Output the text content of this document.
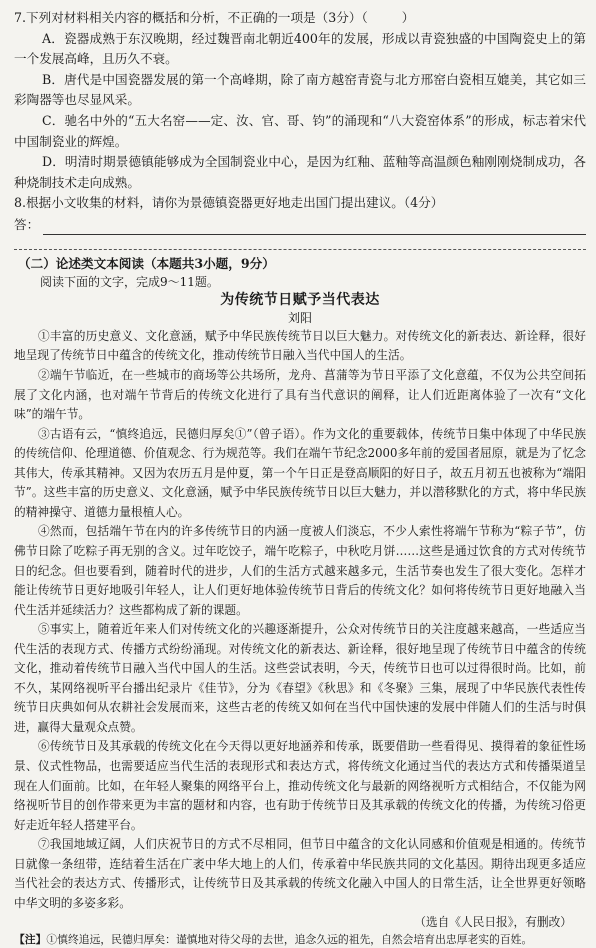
7.下列对材料相关内容的概括和分析，不正确的一项是（3分）（	）

A．瓷器成熟于东汉晚期，经过魏晋南北朝近400年的发展，形成以青瓷独盛的中国陶瓷史上的第一个发展高峰，且历久不衰。

B．唐代是中国瓷器发展的第一个高峰期，除了南方越窑青瓷与北方邢窑白瓷相互媲美，其它如三彩陶器等也尽显风采。

C．驰名中外的“五大名窑——定、汝、官、哥、钧”的涌现和“八大瓷窑体系”的形成，标志着宋代中国制瓷业的辉煌。

D．明清时期景德镇能够成为全国制瓷业中心，是因为红釉、蓝釉等高温颜色釉刚刚烧制成功，各种烧制技术走向成熟。

8.根据小文收集的材料，请你为景德镇瓷器更好地走出国门提出建议。（4分）

答：

（二）论述类文本阅读（本题共3小题，9分）

阅读下面的文字，完成9～11题。

为传统节日赋予当代表达

刘阳

①丰富的历史意义、文化意涵，赋予中华民族传统节日以巨大魅力。对传统文化的新表达、新诠释，很好地呈现了传统节日中蕴含的传统文化，推动传统节日融入当代中国人的生活。

②端午节临近，在一些城市的商场等公共场所，龙舟、菖蒲等为节日平添了文化意蕴，不仅为公共空间拓展了文化内涵，也对端午节背后的传统文化进行了具有当代意识的阐释，让人们近距离体验了一次有“文化味”的端午节。

③古语有云，“慎终追远，民德归厚矣①”（曾子语）。作为文化的重要载体，传统节日集中体现了中华民族的传统信仰、伦理道德、价值观念、行为规范等。我们在端午节纪念2000多年前的爱国者屈原，就是为了忆念其伟大，传承其精神。又因为农历五月是仲夏，第一个午日正是登高顺阳的好日子，故五月初五也被称为“端阳节”。这些丰富的历史意义、文化意涵，赋予中华民族传统节日以巨大魅力，并以潜移默化的方式，将中华民族的精神操守、道德力量根植人心。

④然而，包括端午节在内的许多传统节日的内涵一度被人们淡忘，不少人索性将端午节称为“粽子节”，仿佛节日除了吃粽子再无别的含义。过年吃饺子，端午吃粽子，中秋吃月饼……这些是通过饮食的方式对传统节日的纪念。但也要看到，随着时代的进步，人们的生活方式越来越多元，生活节奏也发生了很大变化。怎样才能让传统节日更好地吸引年轻人，让人们更好地体验传统节日背后的传统文化？如何将传统节日更好地融入当代生活并延续活力？这些都构成了新的课题。

⑤事实上，随着近年来人们对传统文化的兴趣逐渐提升，公众对传统节日的关注度越来越高，一些适应当代生活的表现方式、传播方式纷纷涌现。对传统文化的新表达、新诠释，很好地呈现了传统节日中蕴含的传统文化，推动着传统节日融入当代中国人的生活。这些尝试表明，今天，传统节日也可以过得很时尚。比如，前不久，某网络视听平台播出纪录片《佳节》，分为《春望》《秋思》和《冬聚》三集，展现了中华民族代表性传统节日庆典如何从农耕社会发展而来，这些古老的传统又如何在当代中国快速的发展中伴随人们的生活与时俱进，赢得大量观众点赞。

⑥传统节日及其承载的传统文化在今天得以更好地涵养和传承，既要借助一些看得见、摸得着的象征性场景、仪式性物品，也需要适应当代生活的表现形式和表达方式，将传统文化通过当代的表达方式和传播渠道呈现在人们面前。比如，在年轻人聚集的网络平台上，推动传统文化与最新的网络视听方式相结合，不仅能为网络视听节目的创作带来更为丰富的题材和内容，也有助于传统节日及其承载的传统文化的传播，为传统习俗更好走近年轻人搭建平台。

⑦我国地域辽阔，人们庆祝节日的方式不尽相同，但节日中蕴含的文化认同感和价值观是相通的。传统节日就像一条纽带，连结着生活在广袤中华大地上的人们，传承着中华民族共同的文化基因。期待出现更多适应当代社会的表达方式、传播形式，让传统节日及其承载的传统文化融入中国人的日常生活，让全世界更好领略中华文明的多姿多彩。

（选自《人民日报》，有删改）

【注】①慎终追远，民德归厚矣：谨慎地对待父母的去世，追念久远的祖先，自然会培育出忠厚老实的百姓。
